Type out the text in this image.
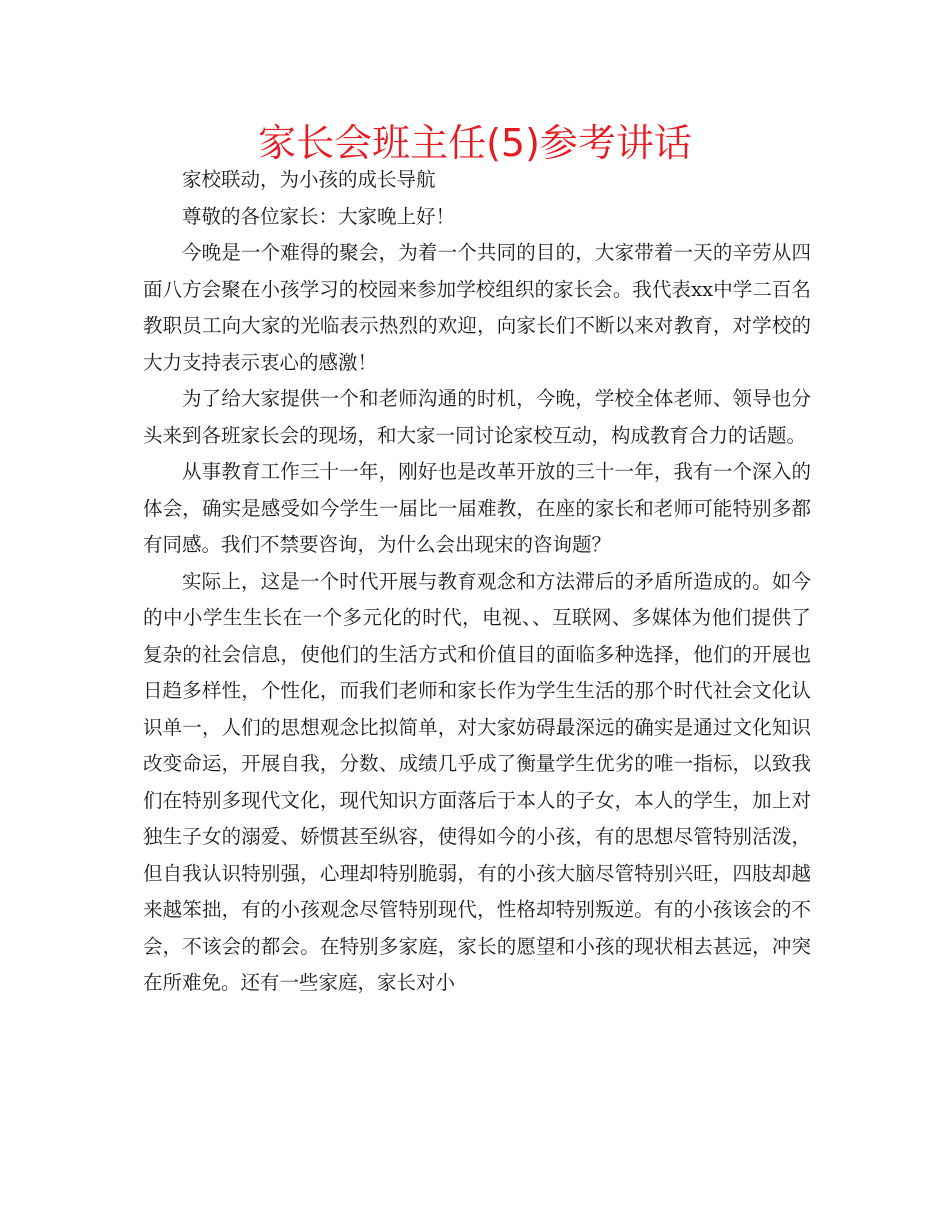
家长会班主任(5)参考讲话

家校联动，为小孩的成长导航

尊敬的各位家长：大家晚上好！

今晚是一个难得的聚会，为着一个共同的目的，大家带着一天的辛劳从四面八方会聚在小孩学习的校园来参加学校组织的家长会。我代表xx中学二百名教职员工向大家的光临表示热烈的欢迎，向家长们不断以来对教育，对学校的大力支持表示衷心的感激！

为了给大家提供一个和老师沟通的时机，今晚，学校全体老师、领导也分头来到各班家长会的现场，和大家一同讨论家校互动，构成教育合力的话题。

从事教育工作三十一年，刚好也是改革开放的三十一年，我有一个深入的体会，确实是感受如今学生一届比一届难教，在座的家长和老师可能特别多都有同感。我们不禁要咨询，为什么会出现宋的咨询题？

实际上，这是一个时代开展与教育观念和方法滞后的矛盾所造成的。如今的中小学生生长在一个多元化的时代，电视、、互联网、多媒体为他们提供了复杂的社会信息，使他们的生活方式和价值目的面临多种选择，他们的开展也日趋多样性，个性化，而我们老师和家长作为学生生活的那个时代社会文化认识单一，人们的思想观念比拟简单，对大家妨碍最深远的确实是通过文化知识改变命运，开展自我，分数、成绩几乎成了衡量学生优劣的唯一指标，以致我们在特别多现代文化，现代知识方面落后于本人的子女，本人的学生，加上对独生子女的溺爱、娇惯甚至纵容，使得如今的小孩，有的思想尽管特别活泼，但自我认识特别强，心理却特别脆弱，有的小孩大脑尽管特别兴旺，四肢却越来越笨拙，有的小孩观念尽管特别现代，性格却特别叛逆。有的小孩该会的不会，不该会的都会。在特别多家庭，家长的愿望和小孩的现状相去甚远，冲突在所难免。还有一些家庭，家长对小
